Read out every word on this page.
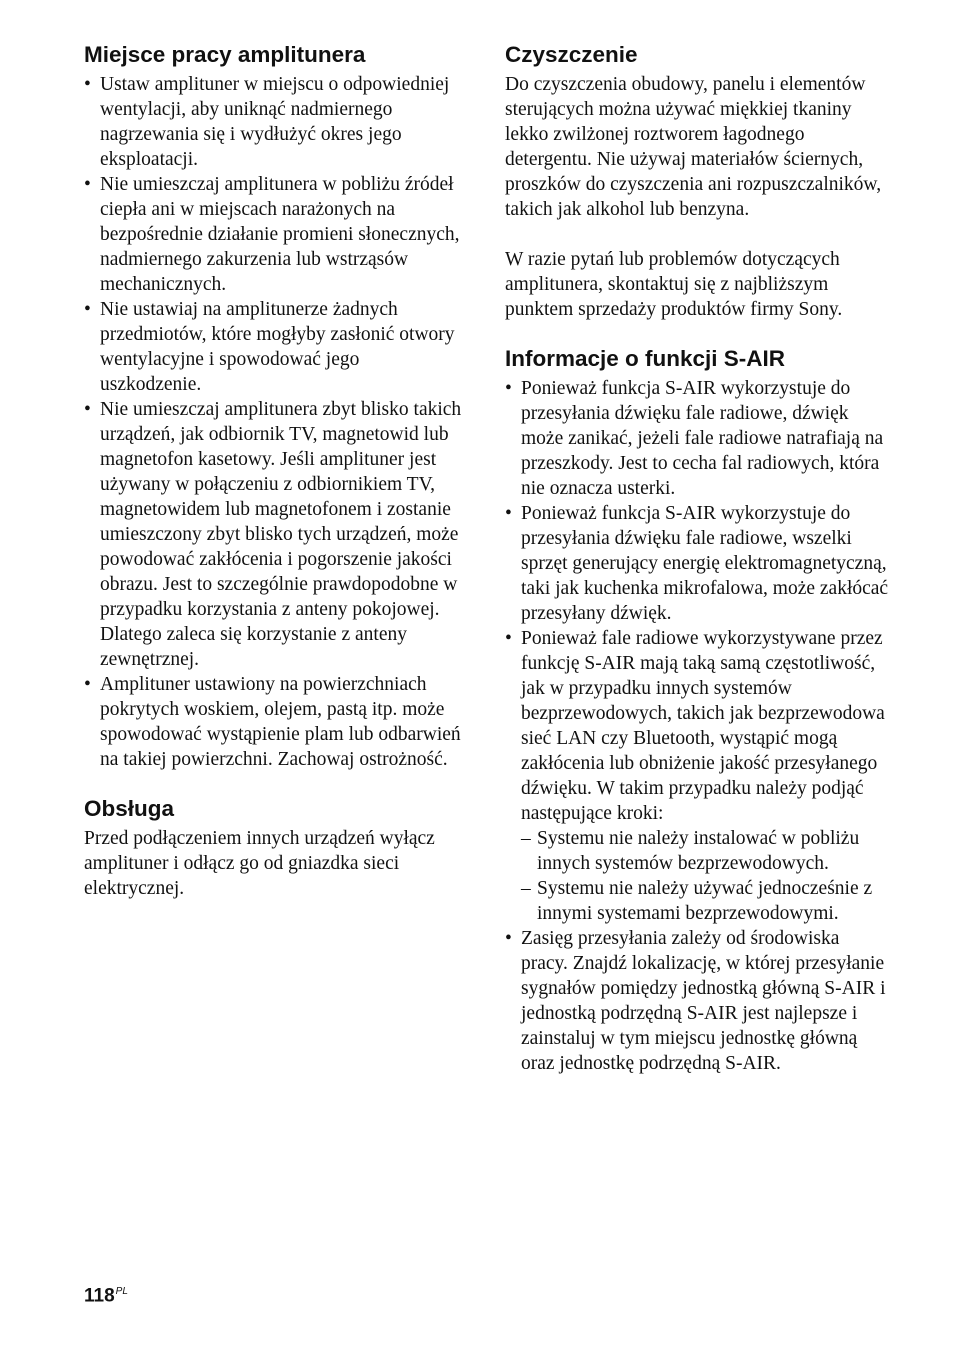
Miejsce pracy amplitunera
• Ustaw amplituner w miejscu o odpowiedniej wentylacji, aby uniknąć nadmiernego nagrzewania się i wydłużyć okres jego eksploatacji.
• Nie umieszczaj amplitunera w pobliżu źródeł ciepła ani w miejscach narażonych na bezpośrednie działanie promieni słonecznych, nadmiernego zakurzenia lub wstrząsów mechanicznych.
• Nie ustawiaj na amplitunerze żadnych przedmiotów, które mogłyby zasłonić otwory wentylacyjne i spowodować jego uszkodzenie.
• Nie umieszczaj amplitunera zbyt blisko takich urządzeń, jak odbiornik TV, magnetowid lub magnetofon kasetowy. Jeśli amplituner jest używany w połączeniu z odbiornikiem TV, magnetowidem lub magnetofonem i zostanie umieszczony zbyt blisko tych urządzeń, może powodować zakłócenia i pogorszenie jakości obrazu. Jest to szczególnie prawdopodobne w przypadku korzystania z anteny pokojowej. Dlatego zaleca się korzystanie z anteny zewnętrznej.
• Amplituner ustawiony na powierzchniach pokrytych woskiem, olejem, pastą itp. może spowodować wystąpienie plam lub odbarwień na takiej powierzchni. Zachowaj ostrożność.
Obsługa

Przed podłączeniem innych urządzeń wyłącz amplituner i odłącz go od gniazdka sieci elektrycznej.

Czyszczenie

Do czyszczenia obudowy, panelu i elementów sterujących można używać miękkiej tkaniny lekko zwilżonej roztworem łagodnego detergentu. Nie używaj materiałów ściernych, proszków do czyszczenia ani rozpuszczalników, takich jak alkohol lub benzyna.

W razie pytań lub problemów dotyczących amplitunera, skontaktuj się z najbliższym punktem sprzedaży produktów firmy Sony.

Informacje o funkcji S-AIR
• Ponieważ funkcja S-AIR wykorzystuje do przesyłania dźwięku fale radiowe, dźwięk może zanikać, jeżeli fale radiowe natrafiają na przeszkody. Jest to cecha fal radiowych, która nie oznacza usterki.
• Ponieważ funkcja S-AIR wykorzystuje do przesyłania dźwięku fale radiowe, wszelki sprzęt generujący energię elektromagnetyczną, taki jak kuchenka mikrofalowa, może zakłócać przesyłany dźwięk.
• Ponieważ fale radiowe wykorzystywane przez funkcję S-AIR mają taką samą częstotliwość, jak w przypadku innych systemów bezprzewodowych, takich jak bezprzewodowa sieć LAN czy Bluetooth, wystąpić mogą zakłócenia lub obniżenie jakość przesyłanego dźwięku. W takim przypadku należy podjąć następujące kroki:
– Systemu nie należy instalować w pobliżu innych systemów bezprzewodowych.
– Systemu nie należy używać jednocześnie z innymi systemami bezprzewodowymi.
• Zasięg przesyłania zależy od środowiska pracy. Znajdź lokalizację, w której przesyłanie sygnałów pomiędzy jednostką główną S-AIR i jednostką podrzędną S-AIR jest najlepsze i zainstaluj w tym miejscu jednostkę główną oraz jednostkę podrzędną S-AIR.
$118^{PL}$
